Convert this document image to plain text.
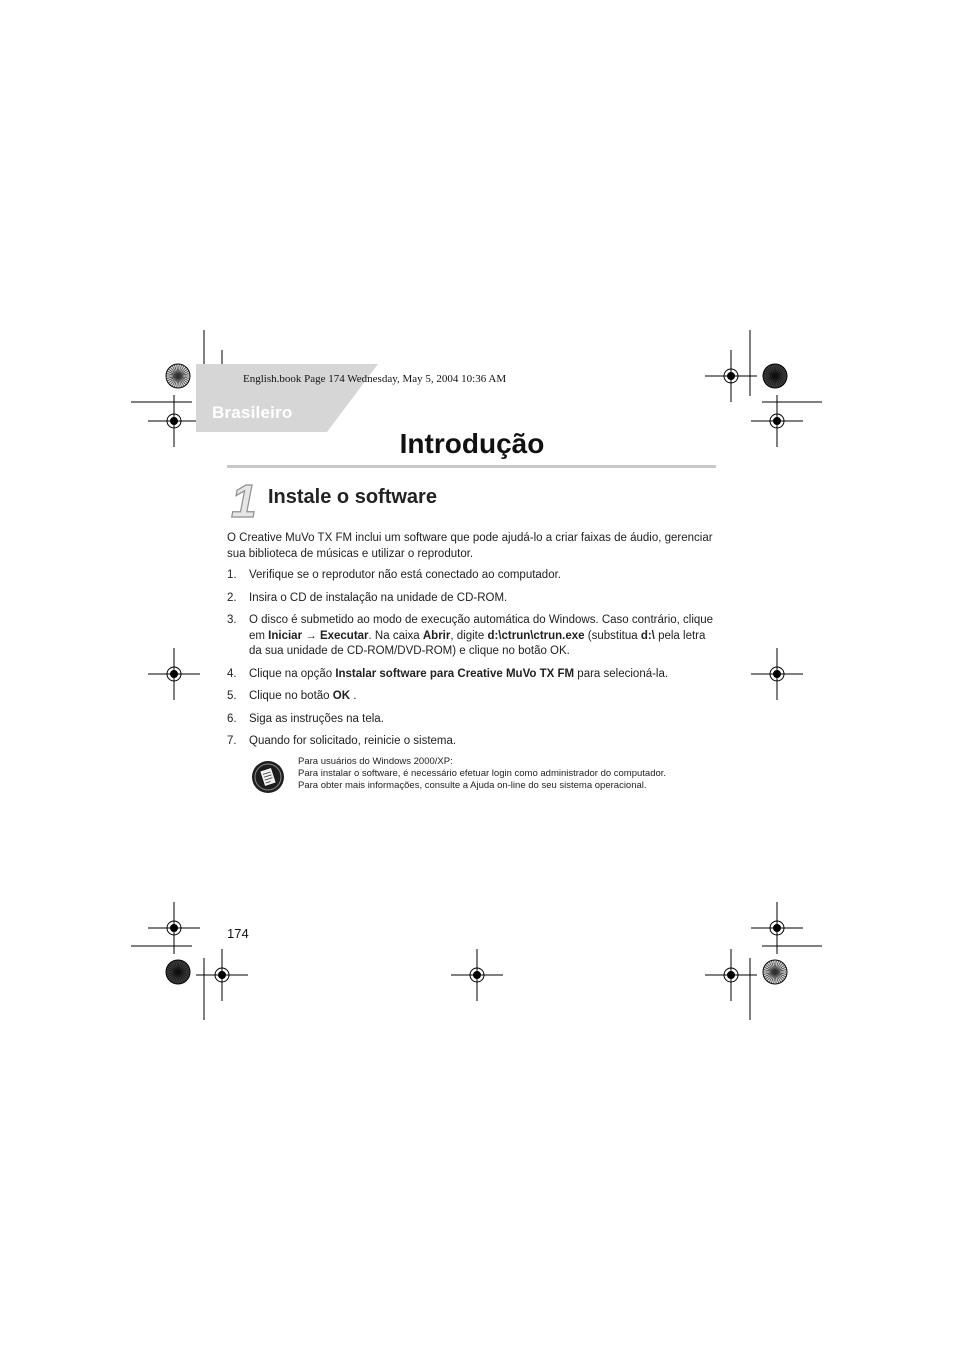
Brasileiro
English.book Page 174 Wednesday, May 5, 2004 10:36 AM
Introdução
1 Instale o software
O Creative MuVo TX FM inclui um software que pode ajudá-lo a criar faixas de áudio, gerenciar sua biblioteca de músicas e utilizar o reprodutor.
1.	Verifique se o reprodutor não está conectado ao computador.
2.	Insira o CD de instalação na unidade de CD-ROM.
3.	O disco é submetido ao modo de execução automática do Windows. Caso contrário, clique em Iniciar → Executar. Na caixa Abrir, digite d:\ctrun\ctrun.exe (substitua d:\ pela letra da sua unidade de CD-ROM/DVD-ROM) e clique no botão OK.
4.	Clique na opção Instalar software para Creative MuVo TX FM para selecioná-la.
5.	Clique no botão OK .
6.	Siga as instruções na tela.
7.	Quando for solicitado, reinicie o sistema.
Para usuários do Windows 2000/XP:
Para instalar o software, é necessário efetuar login como administrador do computador.
Para obter mais informações, consulte a Ajuda on-line do seu sistema operacional.
174
